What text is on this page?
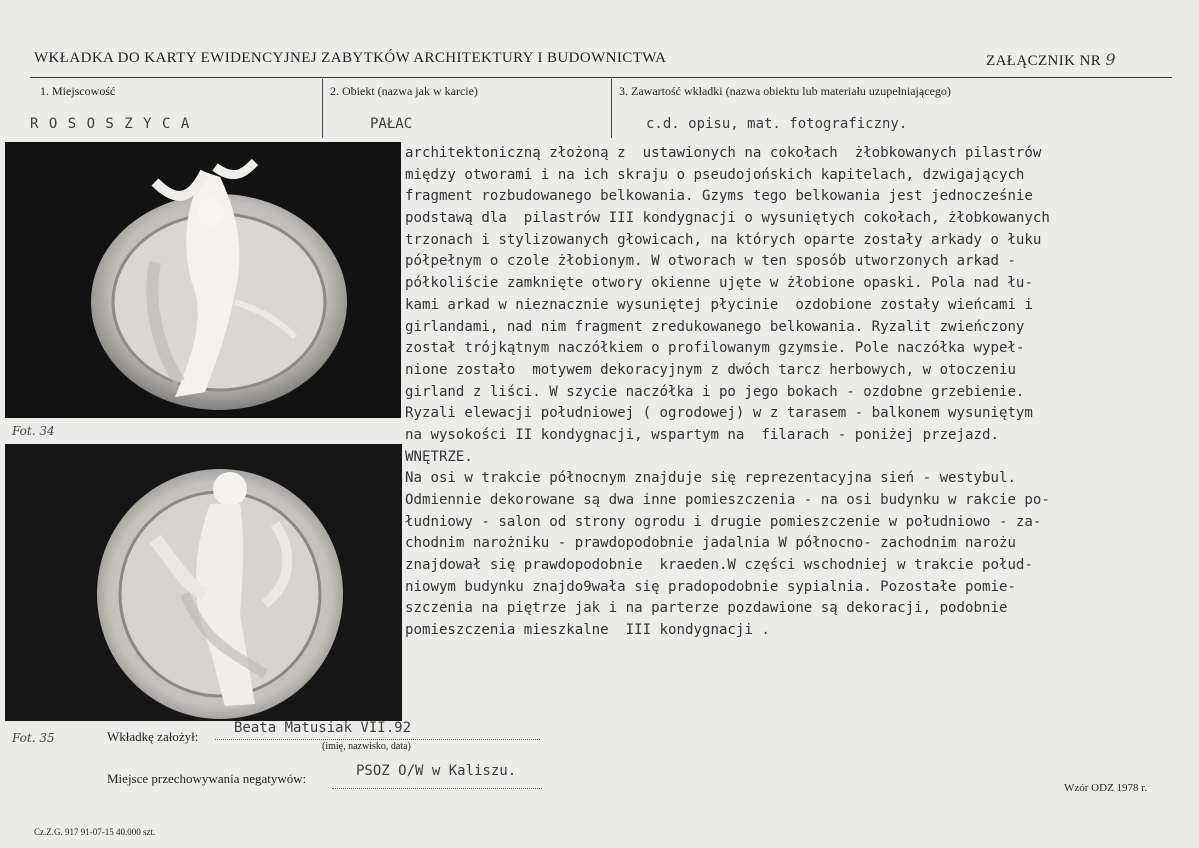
WKŁADKA DO KARTY EWIDENCYJNEJ ZABYTKÓW ARCHITEKTURY I BUDOWNICTWA	ZAŁĄCZNIK NR 9
1. Miejscowość	2. Obiekt (nazwa jak w karcie)	3. Zawartość wkładki (nazwa obiektu lub materiału uzupełniającego)
R O S O S Z Y C A	PAŁAC	c.d. opisu, mat. fotograficzny.
Fot. 34
Fot. 35
architektoniczną złożoną z  ustawionych na cokołach  żłobkowanych pilastrów
między otworami i na ich skraju o pseudojońskich kapitelach, dzwigających
fragment rozbudowanego belkowania. Gzyms tego belkowania jest jednocześnie
podstawą dla  pilastrów III kondygnacji o wysuniętych cokołach, żłobkowanych
trzonach i stylizowanych głowicach, na których oparte zostały arkady o łuku
półpełnym o czole żłobionym. W otworach w ten sposób utworzonych arkad -
półkoliście zamknięte otwory okienne ujęte w żłobione opaski. Pola nad łu-
kami arkad w nieznacznie wysuniętej płycinie  ozdobione zostały wieńcami i
girlandami, nad nim fragment zredukowanego belkowania. Ryzalit zwieńczony
został trójkątnym naczółkiem o profilowanym gzymsie. Pole naczółka wypeł-
nione zostało  motywem dekoracyjnym z dwóch tarcz herbowych, w otoczeniu
girland z liści. W szycie naczółka i po jego bokach - ozdobne grzebienie.
Ryzali elewacji południowej ( ogrodowej) w z tarasem - balkonem wysuniętym
na wysokości II kondygnacji, wspartym na  filarach - poniżej przejazd.
WNĘTRZE.
Na osi w trakcie północnym znajduje się reprezentacyjna sień - westybul.
Odmiennie dekorowane są dwa inne pomieszczenia - na osi budynku w rakcie po-
łudniowy - salon od strony ogrodu i drugie pomieszczenie w południowo - za-
chodnim narożniku - prawdopodobnie jadalnia W północno- zachodnim narożu
znajdował się prawdopodobnie  kraeden.W części wschodniej w trakcie połud-
niowym budynku znajdo9wała się pradopodobnie sypialnia. Pozostałe pomie-
szczenia na piętrze jak i na parterze pozdawione są dekoracji, podobnie
pomieszczenia mieszkalne  III kondygnacji .
Wkładkę założył:
Beata Matusiak VII.92
(imię, nazwisko, data)
Miejsce przechowywania negatywów:	PSOZ O/W w Kaliszu.
Cz.Z.G. 917 91-07-15 40.000 szt.
Wzór ODZ 1978 r.
